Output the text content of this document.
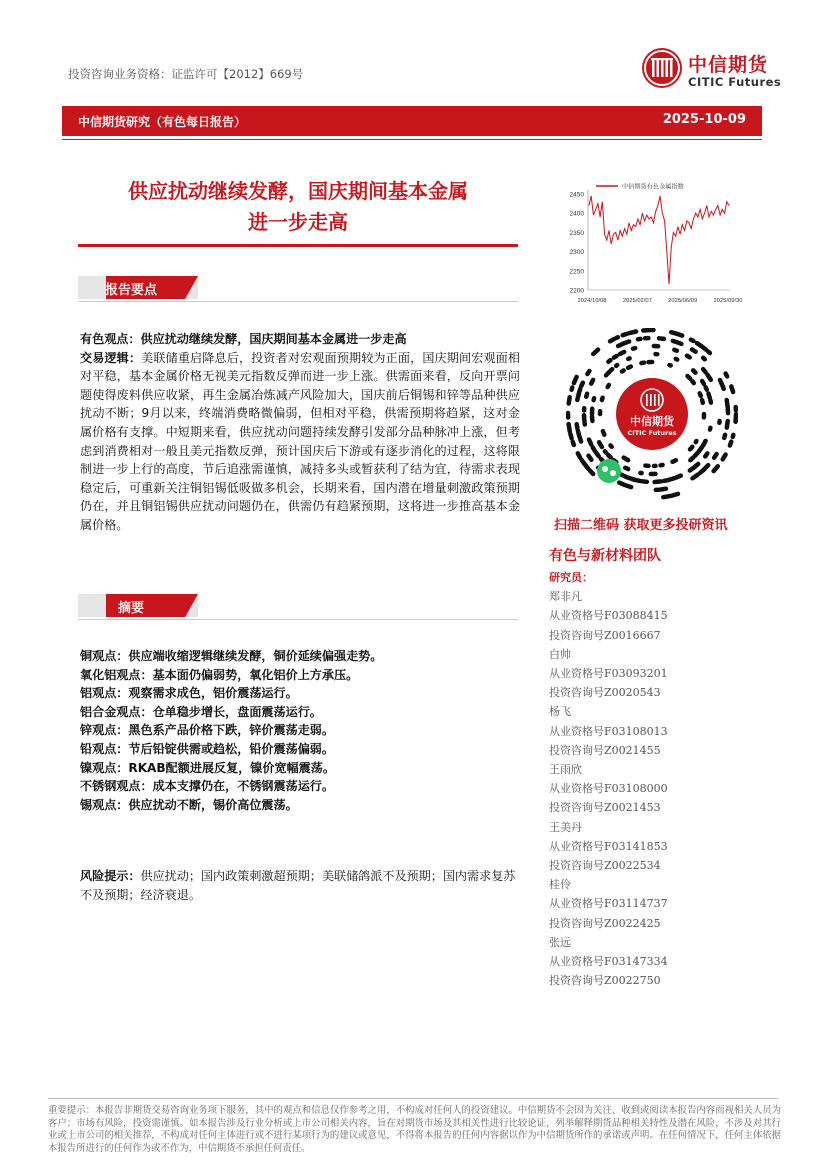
投资咨询业务资格：证监许可【2012】669号	中信期货
CITIC Futures
中信期货研究（有色每日报告）	2025-10-09
供应扰动继续发酵，国庆期间基本金属
进一步走高
报告要点
有色观点：供应扰动继续发酵，国庆期间基本金属进一步走高
交易逻辑：美联储重启降息后，投资者对宏观面预期较为正面，国庆期间宏观面相对平稳，基本金属价格无视美元指数反弹而进一步上涨。供需面来看，反向开票问题使得废料供应收紧，再生金属冶炼减产风险加大，国庆前后铜锡和锌等品种供应扰动不断；9月以来，终端消费略微偏弱，但相对平稳，供需预期将趋紧，这对金属价格有支撑。中短期来看，供应扰动问题持续发酵引发部分品种脉冲上涨，但考虑到消费相对一般且美元指数反弹，预计国庆后下游或有逐步消化的过程，这将限制进一步上行的高度，节后追涨需谨慎，减持多头或暂获利了结为宜，待需求表现稳定后，可重新关注铜铝锡低吸做多机会，长期来看，国内潜在增量刺激政策预期仍在，并且铜铝锡供应扰动问题仍在，供需仍有趋紧预期，这将进一步推高基本金属价格。
摘要
铜观点：供应端收缩逻辑继续发酵，铜价延续偏强走势。
氧化铝观点：基本面仍偏弱势，氧化铝价上方承压。
铝观点：观察需求成色，铝价震荡运行。
铝合金观点：仓单稳步增长，盘面震荡运行。
锌观点：黑色系产品价格下跌，锌价震荡走弱。
铅观点：节后铅锭供需或趋松，铅价震荡偏弱。
镍观点：RKAB配额进展反复，镍价宽幅震荡。
不锈钢观点：成本支撑仍在，不锈钢震荡运行。
锡观点：供应扰动不断，锡价高位震荡。
风险提示：供应扰动；国内政策刺激超预期；美联储鸽派不及预期；国内需求复苏不及预期；经济衰退。
2450
2400
2350
2300
2250
2200
2024/10/08	2025/02/07	2025/06/09	2025/09/30
中信期货有色金属指数
中信期货
CITIC Futures
扫描二维码 获取更多投研资讯
有色与新材料团队
研究员：
郑非凡
从业资格号F03088415
投资咨询号Z0016667
白帅
从业资格号F03093201
投资咨询号Z0020543
杨飞
从业资格号F03108013
投资咨询号Z0021455
王雨欣
从业资格号F03108000
投资咨询号Z0021453
王美丹
从业资格号F03141853
投资咨询号Z0022534
桂伶
从业资格号F03114737
投资咨询号Z0022425
张远
从业资格号F03147334
投资咨询号Z0022750
重要提示：本报告非期货交易咨询业务项下服务，其中的观点和信息仅作参考之用，不构成对任何人的投资建议。中信期货不会因为关注、收到或阅读本报告内容而视相关人员为客户；市场有风险，投资需谨慎。如本报告涉及行业分析或上市公司相关内容，旨在对期货市场及其相关性进行比较论证，列举解释期货品种相关特性及潜在风险，不涉及对其行业或上市公司的相关推荐，不构成对任何主体进行或不进行某项行为的建议或意见，不得将本报告的任何内容据以作为中信期货所作的承诺或声明。在任何情况下，任何主体依据本报告所进行的任何作为或不作为，中信期货不承担任何责任。
